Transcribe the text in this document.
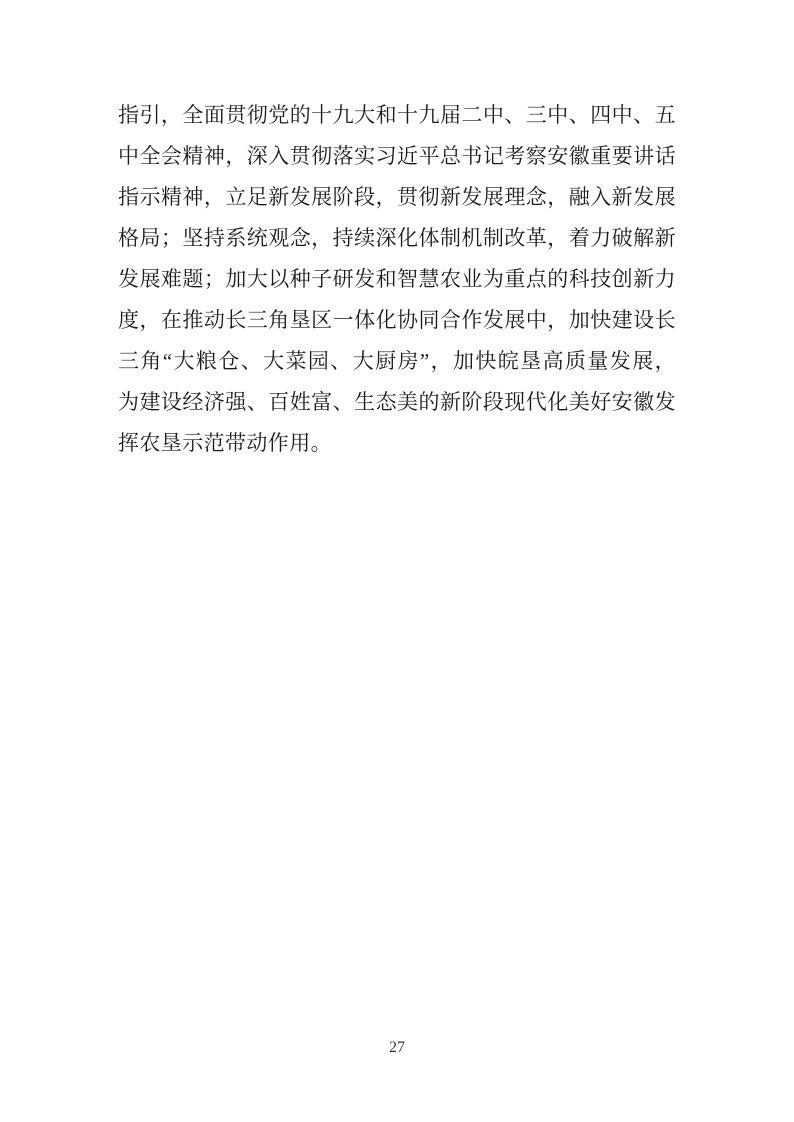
指引，全面贯彻党的十九大和十九届二中、三中、四中、五
中全会精神，深入贯彻落实习近平总书记考察安徽重要讲话
指示精神，立足新发展阶段，贯彻新发展理念，融入新发展
格局；坚持系统观念，持续深化体制机制改革，着力破解新
发展难题；加大以种子研发和智慧农业为重点的科技创新力
度，在推动长三角垦区一体化协同合作发展中，加快建设长
三角“大粮仓、大菜园、大厨房”，加快皖垦高质量发展，
为建设经济强、百姓富、生态美的新阶段现代化美好安徽发
挥农垦示范带动作用。
27
